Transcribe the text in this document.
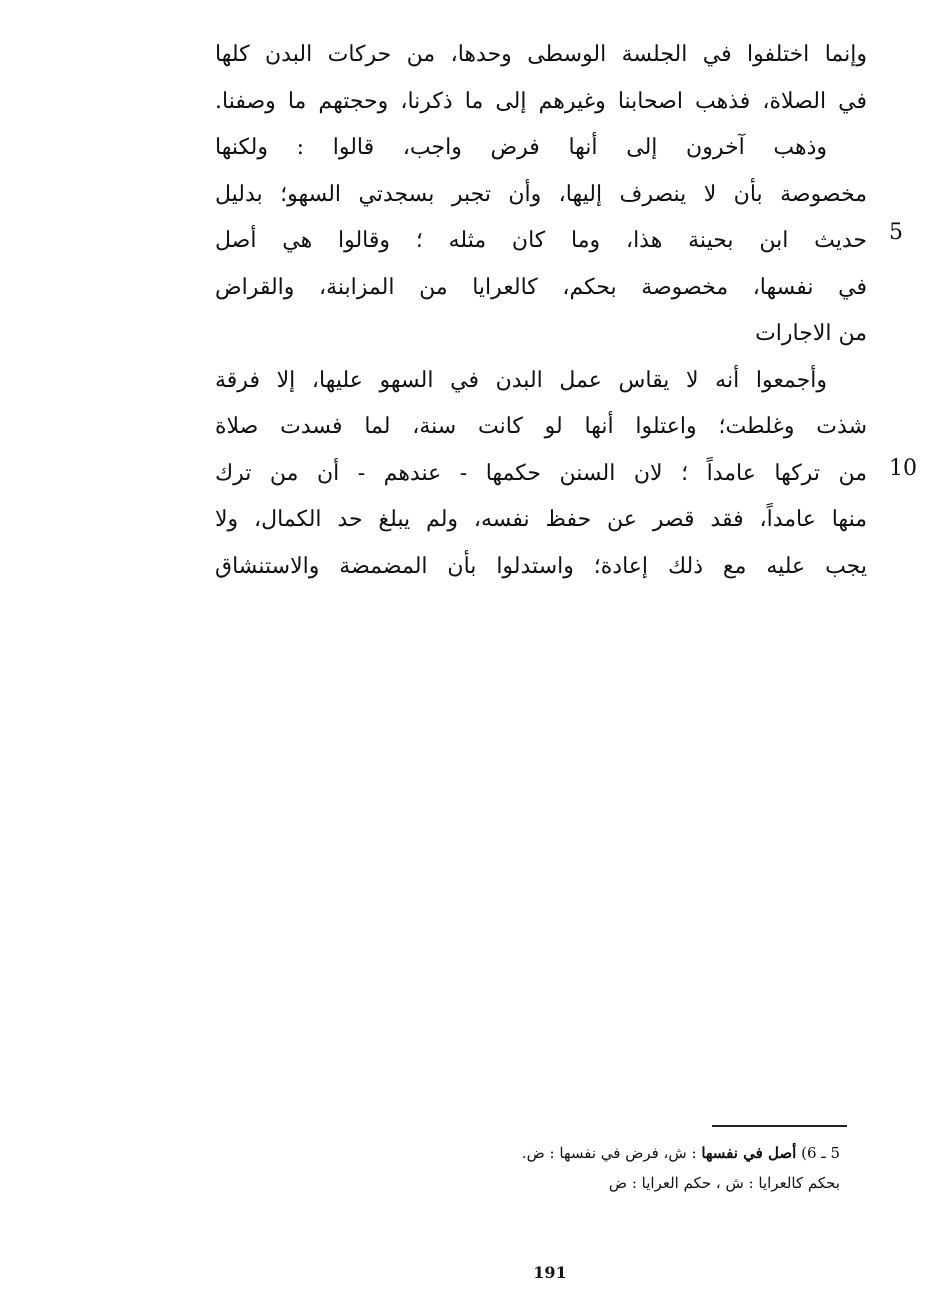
وإنما اختلفوا في الجلسة الوسطى وحدها، من حركات البدن كلها
في الصلاة، فذهب اصحابنا وغيرهم إلى ما ذكرنا، وحجتهم ما وصفنا.
وذهب آخرون إلى أنها فرض واجب، قالوا : ولكنها
مخصوصة بأن لا ينصرف إليها، وأن تجبر بسجدتي السهو؛ بدليل
حديث ابن بحينة هذا، وما كان مثله ؛ وقالوا هي أصل
في نفسها، مخصوصة بحكم، كالعرايا من المزابنة، والقراض
من الاجارات
وأجمعوا أنه لا يقاس عمل البدن في السهو عليها، إلا فرقة
شذت وغلطت؛ واعتلوا أنها لو كانت سنة، لما فسدت صلاة
من تركها عامداً ؛ لان السنن حكمها - عندهم - أن من ترك
منها عامداً، فقد قصر عن حفظ نفسه، ولم يبلغ حد الكمال، ولا
يجب عليه مع ذلك إعادة؛ واستدلوا بأن المضمضة والاستنشاق
5
10
5 ـ 6) أصل في نفسها : ش، فرض في نفسها : ض.
بحكم كالعرايا : ش ، حكم العرايا : ض
191
